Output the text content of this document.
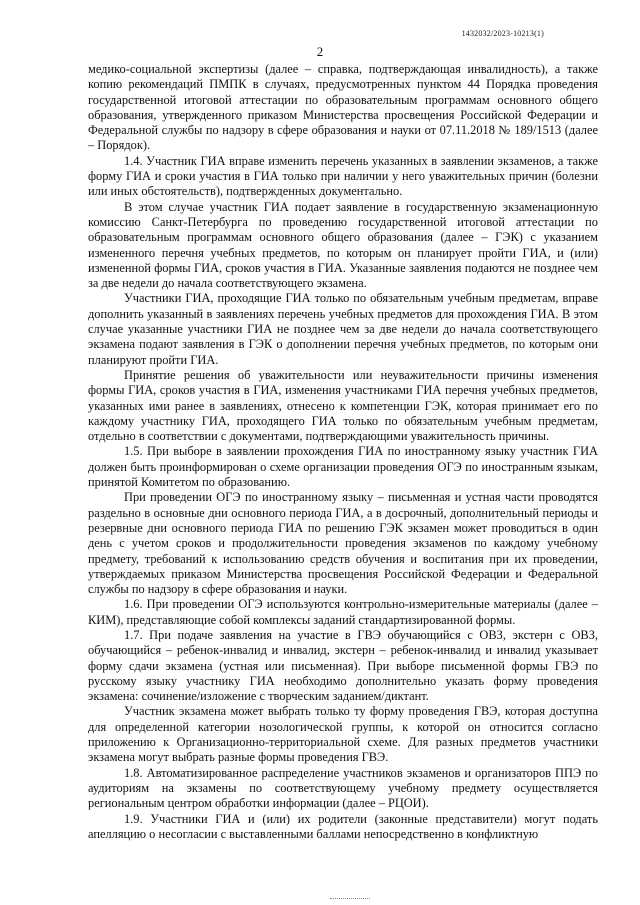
1432032/2023-10213(1)
2

медико-социальной экспертизы (далее – справка, подтверждающая инвалидность), а также копию рекомендаций ПМПК в случаях, предусмотренных пунктом 44 Порядка проведения государственной итоговой аттестации по образовательным программам основного общего образования, утвержденного приказом Министерства просвещения Российской Федерации и Федеральной службы по надзору в сфере образования и науки от 07.11.2018 № 189/1513 (далее – Порядок).

1.4. Участник ГИА вправе изменить перечень указанных в заявлении экзаменов, а также форму ГИА и сроки участия в ГИА только при наличии у него уважительных причин (болезни или иных обстоятельств), подтвержденных документально.

В этом случае участник ГИА подает заявление в государственную экзаменационную комиссию Санкт-Петербурга по проведению государственной итоговой аттестации по образовательным программам основного общего образования (далее – ГЭК) с указанием измененного перечня учебных предметов, по которым он планирует пройти ГИА, и (или) измененной формы ГИА, сроков участия в ГИА. Указанные заявления подаются не позднее чем за две недели до начала соответствующего экзамена.

Участники ГИА, проходящие ГИА только по обязательным учебным предметам, вправе дополнить указанный в заявлениях перечень учебных предметов для прохождения ГИА. В этом случае указанные участники ГИА не позднее чем за две недели до начала соответствующего экзамена подают заявления в ГЭК о дополнении перечня учебных предметов, по которым они планируют пройти ГИА.

Принятие решения об уважительности или неуважительности причины изменения формы ГИА, сроков участия в ГИА, изменения участниками ГИА перечня учебных предметов, указанных ими ранее в заявлениях, отнесено к компетенции ГЭК, которая принимает его по каждому участнику ГИА, проходящего ГИА только по обязательным учебным предметам, отдельно в соответствии с документами, подтверждающими уважительность причины.

1.5. При выборе в заявлении прохождения ГИА по иностранному языку участник ГИА должен быть проинформирован о схеме организации проведения ОГЭ по иностранным языкам, принятой Комитетом по образованию.

При проведении ОГЭ по иностранному языку – письменная и устная части проводятся раздельно в основные дни основного периода ГИА, а в досрочный, дополнительный периоды и резервные дни основного периода ГИА по решению ГЭК экзамен может проводиться в один день с учетом сроков и продолжительности проведения экзаменов по каждому учебному предмету, требований к использованию средств обучения и воспитания при их проведении, утверждаемых приказом Министерства просвещения Российской Федерации и Федеральной службы по надзору в сфере образования и науки.

1.6. При проведении ОГЭ используются контрольно-измерительные материалы (далее – КИМ), представляющие собой комплексы заданий стандартизированной формы.

1.7. При подаче заявления на участие в ГВЭ обучающийся с ОВЗ, экстерн с ОВЗ, обучающийся – ребенок-инвалид и инвалид, экстерн – ребенок-инвалид и инвалид указывает форму сдачи экзамена (устная или письменная). При выборе письменной формы ГВЭ по русскому языку участнику ГИА необходимо дополнительно указать форму проведения экзамена: сочинение/изложение с творческим заданием/диктант.

Участник экзамена может выбрать только ту форму проведения ГВЭ, которая доступна для определенной категории нозологической группы, к которой он относится согласно приложению к Организационно-территориальной схеме. Для разных предметов участники экзамена могут выбрать разные формы проведения ГВЭ.

1.8. Автоматизированное распределение участников экзаменов и организаторов ППЭ по аудиториям на экзамены по соответствующему учебному предмету осуществляется региональным центром обработки информации (далее – РЦОИ).

1.9. Участники ГИА и (или) их родители (законные представители) могут подать апелляцию о несогласии с выставленными баллами непосредственно в конфликтную
